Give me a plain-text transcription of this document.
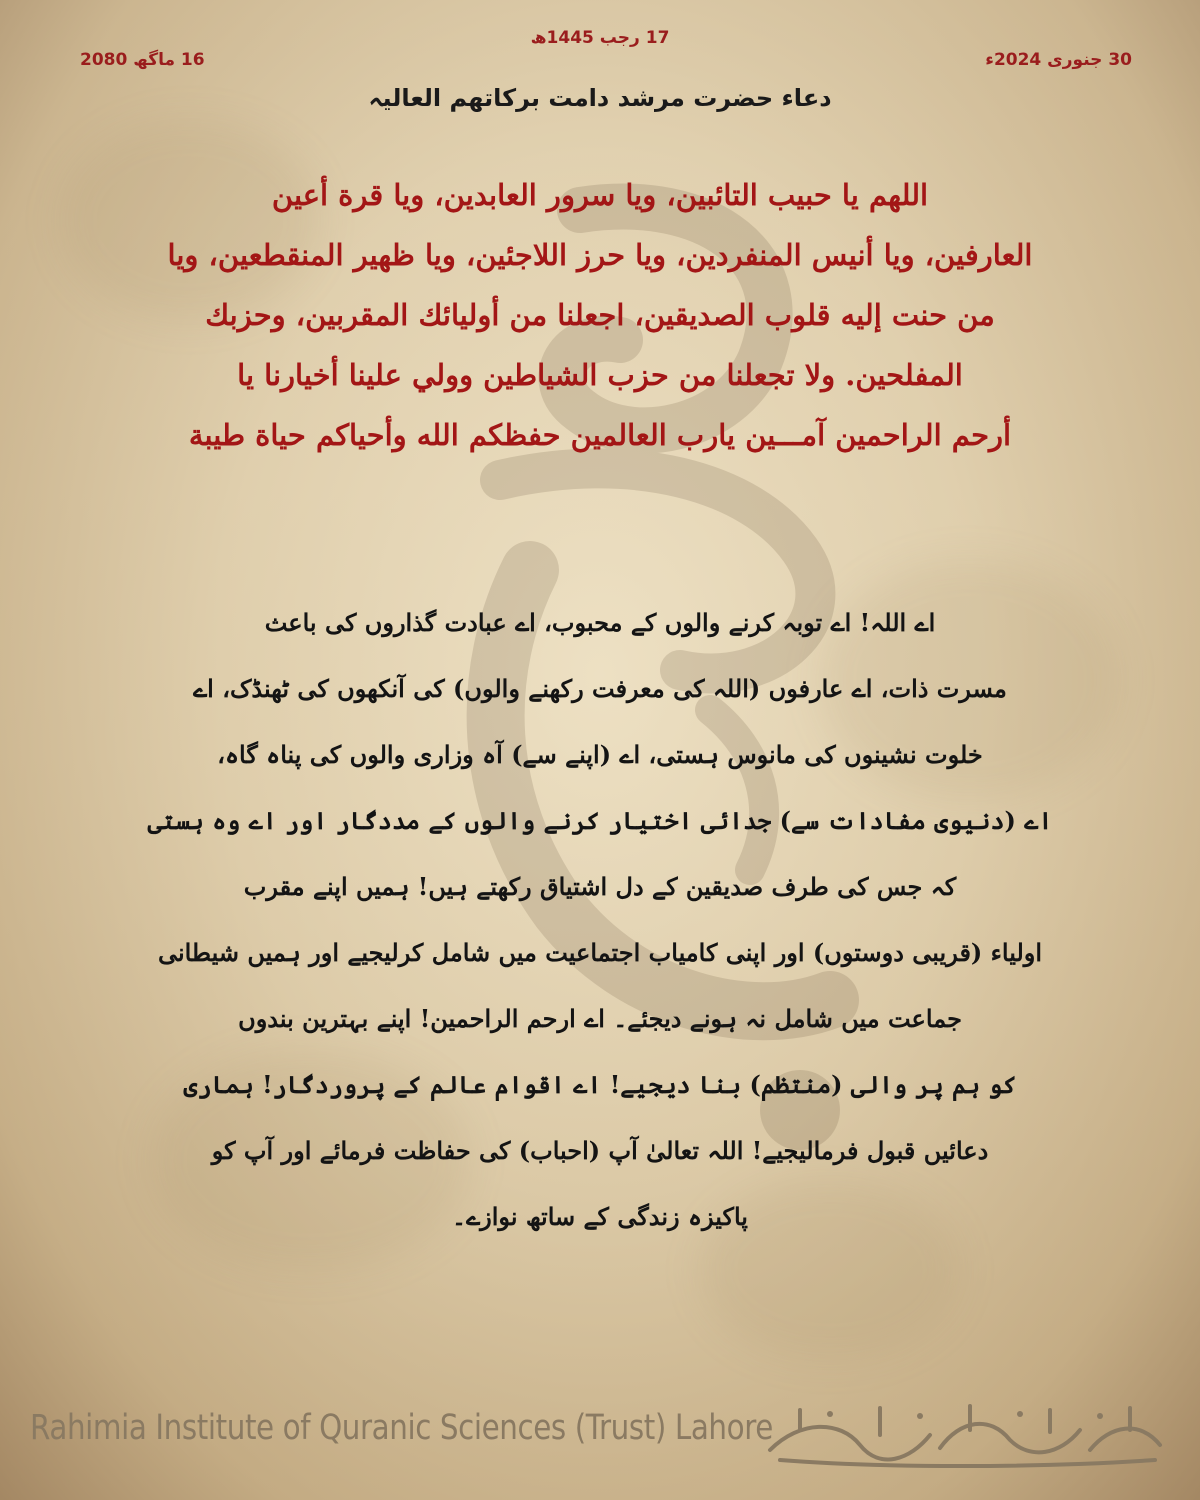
17 رجب 1445ھ
30 جنوری 2024ء
16 ماگھ 2080
دعاء حضرت مرشد دامت برکاتھم العالیہ
اللهم يا حبيب التائبين، ويا سرور العابدين، ويا قرة أعين
العارفين، ويا أنيس المنفردين، ويا حرز اللاجئين، ويا ظهير المنقطعين، ويا
من حنت إليه قلوب الصديقين، اجعلنا من أوليائك المقربين، وحزبك
المفلحين. ولا تجعلنا من حزب الشياطين وولي علينا أخيارنا يا
أرحم الراحمين آمـــين يارب العالمين حفظكم الله وأحياكم حياة طيبة
اے اللہ! اے توبہ کرنے والوں کے محبوب، اے عبادت گذاروں کی باعث
مسرت ذات، اے عارفوں (اللہ کی معرفت رکھنے والوں) کی آنکھوں کی ٹھنڈک، اے
خلوت نشینوں کی مانوس ہستی، اے (اپنے سے) آہ وزاری والوں کی پناہ گاہ،
اے (دنیوی مفادات سے) جدائی اختیار کرنے والوں کے مددگار اور اے وہ ہستی
کہ جس کی طرف صدیقین کے دل اشتیاق رکھتے ہیں! ہمیں اپنے مقرب
اولیاء (قریبی دوستوں) اور اپنی کامیاب اجتماعیت میں شامل کرلیجیے اور ہمیں شیطانی
جماعت میں شامل نہ ہونے دیجئے۔ اے ارحم الراحمین! اپنے بہترین بندوں
کو ہم پر والی (منتظم) بنا دیجیے! اے اقوام عالم کے پروردگار! ہماری
دعائیں قبول فرمالیجیے! اللہ تعالیٰ آپ (احباب) کی حفاظت فرمائے اور آپ کو
پاکیزہ زندگی کے ساتھ نوازے۔
Rahimia Institute of Quranic Sciences (Trust) Lahore
